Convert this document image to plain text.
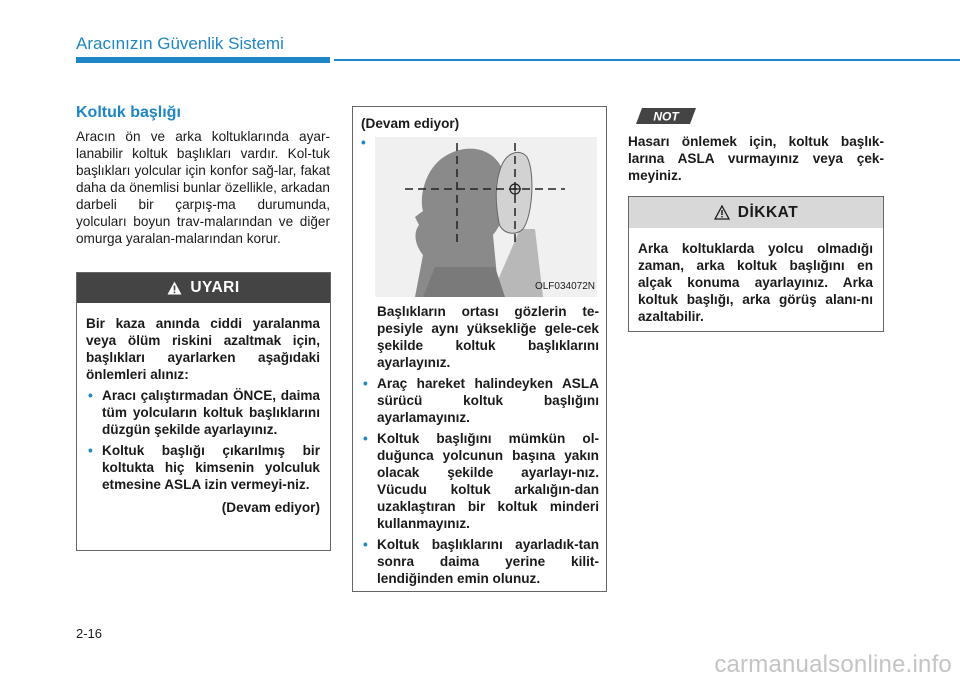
Aracınızın Güvenlik Sistemi
Koltuk başlığı
Aracın ön ve arka koltuklarında ayar-lanabilir koltuk başlıkları vardır. Kol-tuk başlıkları yolcular için konfor sağ-lar, fakat daha da önemlisi bunlar özellikle, arkadan darbeli bir çarpış-ma durumunda, yolcuları boyun trav-malarından ve diğer omurga yaralan-malarından korur.
UYARI
Bir kaza anında ciddi yaralanma veya ölüm riskini azaltmak için, başlıkları ayarlarken aşağıdaki önlemleri alınız:
• Aracı çalıştırmadan ÖNCE, daima tüm yolcuların koltuk başlıklarını düzgün şekilde ayarlayınız.
• Koltuk başlığı çıkarılmış bir koltukta hiç kimsenin yolculuk etmesine ASLA izin vermeyi-niz.
(Devam ediyor)
(Devam ediyor)
•
OLF034072N
Başlıkların ortası gözlerin te-pesiyle aynı yüksekliğe gele-cek şekilde koltuk başlıklarını ayarlayınız.
• Araç hareket halindeyken ASLA sürücü koltuk başlığını ayarlamayınız.
• Koltuk başlığını mümkün ol-duğunca yolcunun başına yakın olacak şekilde ayarlayı-nız. Vücudu koltuk arkalığın-dan uzaklaştıran bir koltuk minderi kullanmayınız.
• Koltuk başlıklarını ayarladık-tan sonra daima yerine kilit-lendiğinden emin olunuz.
NOT
Hasarı önlemek için, koltuk başlık-larına ASLA vurmayınız veya çek-meyiniz.
DİKKAT
Arka koltuklarda yolcu olmadığı zaman, arka koltuk başlığını en alçak konuma ayarlayınız. Arka koltuk başlığı, arka görüş alanı-nı azaltabilir.
2-16
carmanualsonline.info
